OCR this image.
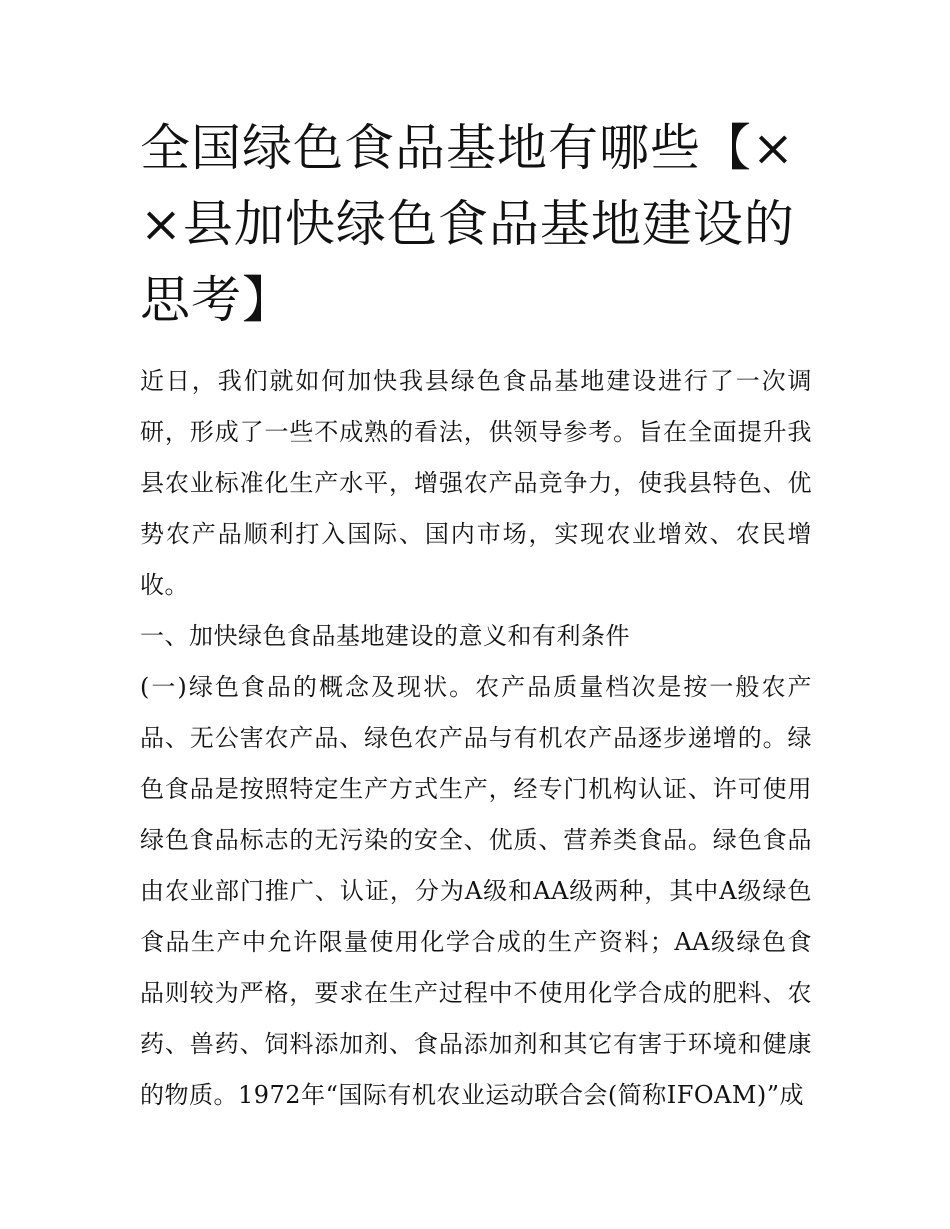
全国绿色食品基地有哪些【××县加快绿色食品基地建设的思考】

近日，我们就如何加快我县绿色食品基地建设进行了一次调研，形成了一些不成熟的看法，供领导参考。旨在全面提升我县农业标准化生产水平，增强农产品竞争力，使我县特色、优势农产品顺利打入国际、国内市场，实现农业增效、农民增收。

一、加快绿色食品基地建设的意义和有利条件

(一)绿色食品的概念及现状。农产品质量档次是按一般农产品、无公害农产品、绿色农产品与有机农产品逐步递增的。绿色食品是按照特定生产方式生产，经专门机构认证、许可使用绿色食品标志的无污染的安全、优质、营养类食品。绿色食品由农业部门推广、认证，分为A级和AA级两种，其中A级绿色食品生产中允许限量使用化学合成的生产资料；AA级绿色食品则较为严格，要求在生产过程中不使用化学合成的肥料、农药、兽药、饲料添加剂、食品添加剂和其它有害于环境和健康的物质。1972年“国际有机农业运动联合会(简称IFOAM)”成
